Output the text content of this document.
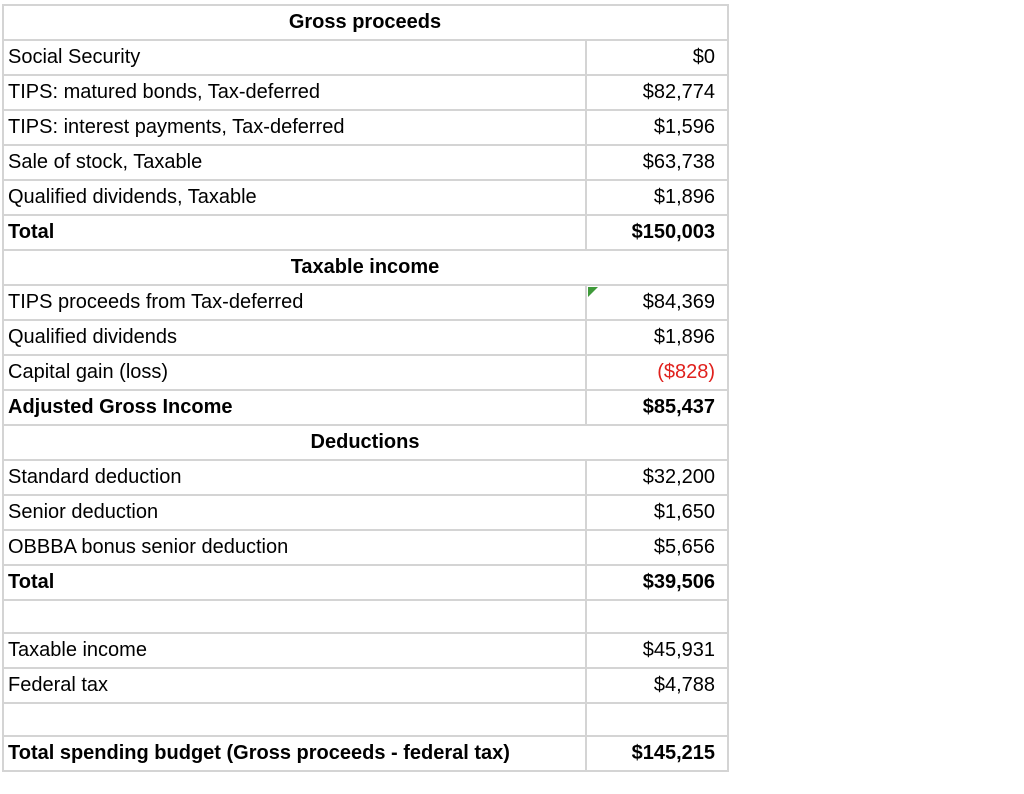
Gross proceeds	
Social Security	$0
TIPS: matured bonds, Tax-deferred	$82,774
TIPS: interest payments, Tax-deferred	$1,596
Sale of stock, Taxable	$63,738
Qualified dividends, Taxable	$1,896
Total	$150,003
Taxable income	
TIPS proceeds from Tax-deferred	$84,369
Qualified dividends	$1,896
Capital gain (loss)	($828)
Adjusted Gross Income	$85,437
Deductions	
Standard deduction	$32,200
Senior deduction	$1,650
OBBBA bonus senior deduction	$5,656
Total	$39,506

Taxable income	$45,931
Federal tax	$4,788

Total spending budget (Gross proceeds - federal tax)	$145,215
